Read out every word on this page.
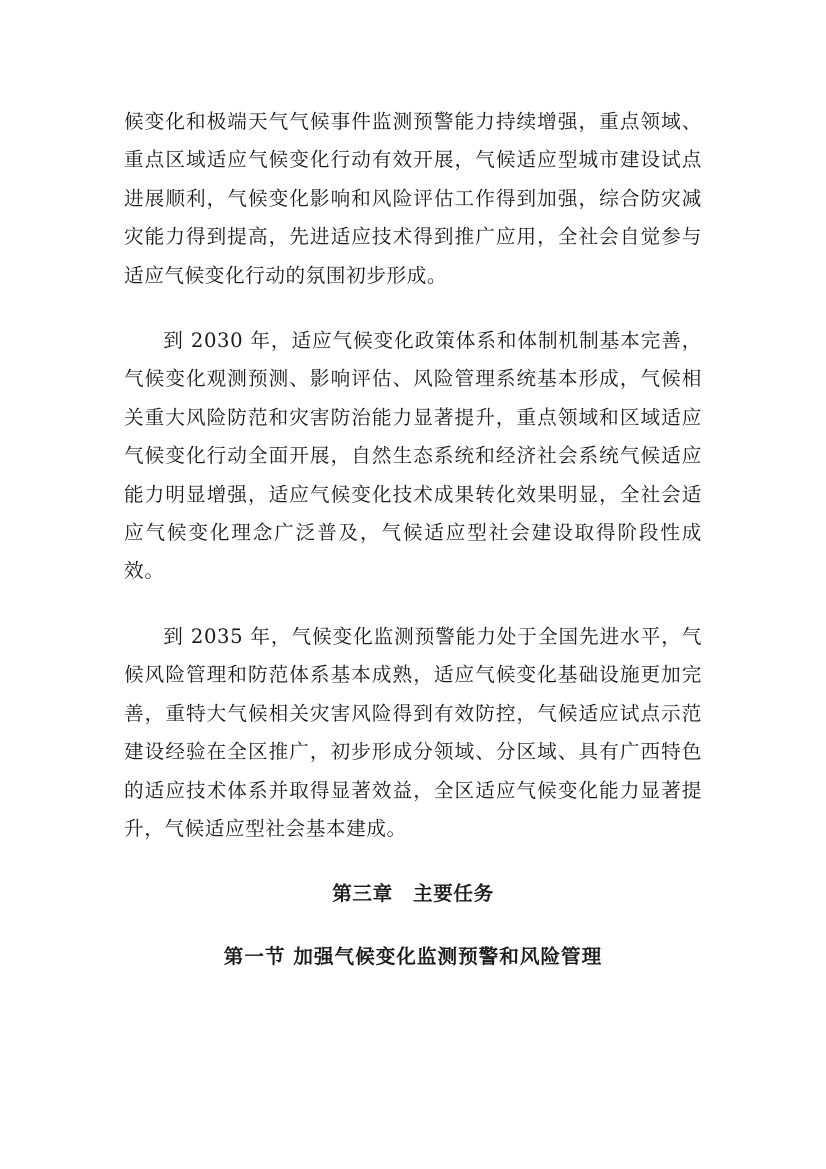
候变化和极端天气气候事件监测预警能力持续增强，重点领域、重点区域适应气候变化行动有效开展，气候适应型城市建设试点进展顺利，气候变化影响和风险评估工作得到加强，综合防灾减灾能力得到提高，先进适应技术得到推广应用，全社会自觉参与适应气候变化行动的氛围初步形成。

到 2030 年，适应气候变化政策体系和体制机制基本完善，气候变化观测预测、影响评估、风险管理系统基本形成，气候相关重大风险防范和灾害防治能力显著提升，重点领域和区域适应气候变化行动全面开展，自然生态系统和经济社会系统气候适应能力明显增强，适应气候变化技术成果转化效果明显，全社会适应气候变化理念广泛普及，气候适应型社会建设取得阶段性成效。

到 2035 年，气候变化监测预警能力处于全国先进水平，气候风险管理和防范体系基本成熟，适应气候变化基础设施更加完善，重特大气候相关灾害风险得到有效防控，气候适应试点示范建设经验在全区推广，初步形成分领域、分区域、具有广西特色的适应技术体系并取得显著效益，全区适应气候变化能力显著提升，气候适应型社会基本建成。

第三章　主要任务
第一节 加强气候变化监测预警和风险管理
